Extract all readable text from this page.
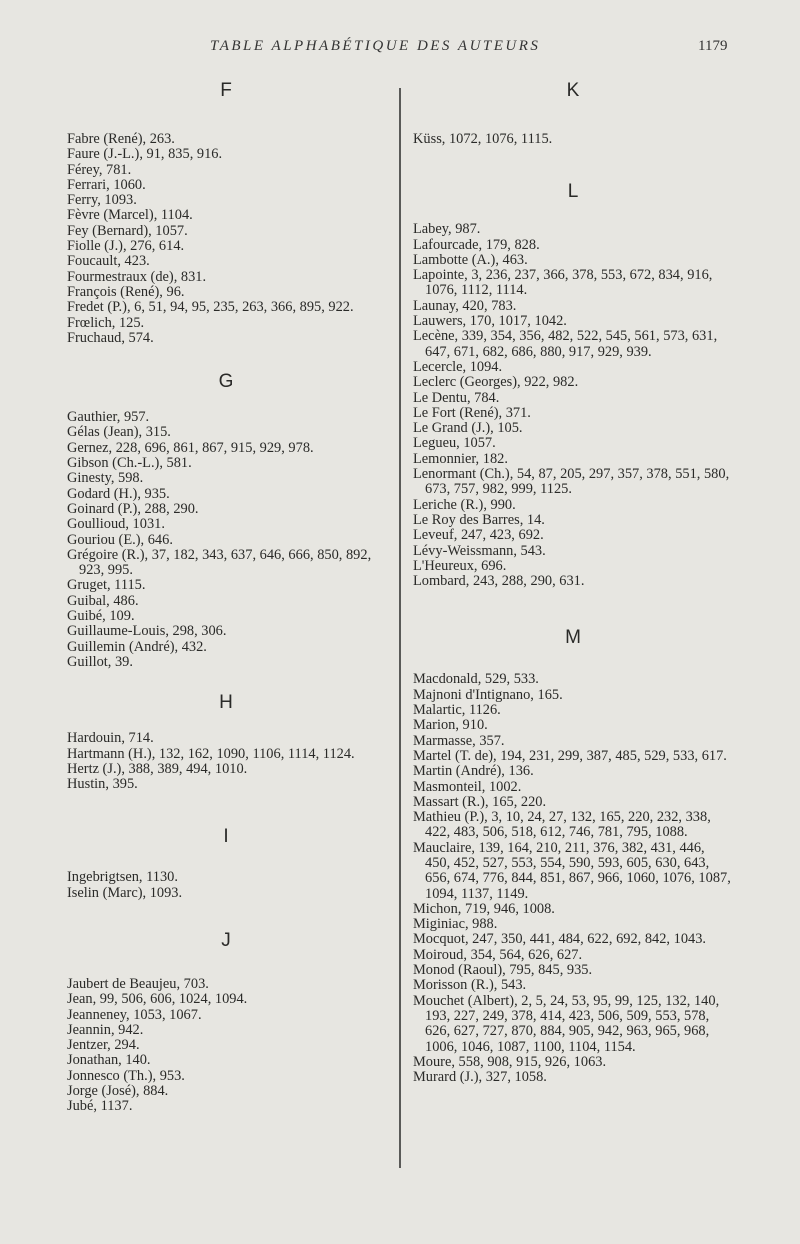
TABLE ALPHABÉTIQUE DES AUTEURS	1179
F
Fabre (René), 263.
Faure (J.-L.), 91, 835, 916.
Férey, 781.
Ferrari, 1060.
Ferry, 1093.
Fèvre (Marcel), 1104.
Fey (Bernard), 1057.
Fiolle (J.), 276, 614.
Foucault, 423.
Fourmestraux (de), 831.
François (René), 96.
Fredet (P.), 6, 51, 94, 95, 235, 263, 366, 895, 922.
Frœlich, 125.
Fruchaud, 574.
G
Gauthier, 957.
Gélas (Jean), 315.
Gernez, 228, 696, 861, 867, 915, 929, 978.
Gibson (Ch.-L.), 581.
Ginesty, 598.
Godard (H.), 935.
Goinard (P.), 288, 290.
Goullioud, 1031.
Gouriou (E.), 646.
Grégoire (R.), 37, 182, 343, 637, 646, 666, 850, 892, 923, 995.
Gruget, 1115.
Guibal, 486.
Guibé, 109.
Guillaume-Louis, 298, 306.
Guillemin (André), 432.
Guillot, 39.
H
Hardouin, 714.
Hartmann (H.), 132, 162, 1090, 1106, 1114, 1124.
Hertz (J.), 388, 389, 494, 1010.
Hustin, 395.
I
Ingebrigtsen, 1130.
Iselin (Marc), 1093.
J
Jaubert de Beaujeu, 703.
Jean, 99, 506, 606, 1024, 1094.
Jeanneney, 1053, 1067.
Jeannin, 942.
Jentzer, 294.
Jonathan, 140.
Jonnesco (Th.), 953.
Jorge (José), 884.
Jubé, 1137.
K
Küss, 1072, 1076, 1115.
L
Labey, 987.
Lafourcade, 179, 828.
Lambotte (A.), 463.
Lapointe, 3, 236, 237, 366, 378, 553, 672, 834, 916, 1076, 1112, 1114.
Launay, 420, 783.
Lauwers, 170, 1017, 1042.
Lecène, 339, 354, 356, 482, 522, 545, 561, 573, 631, 647, 671, 682, 686, 880, 917, 929, 939.
Lecercle, 1094.
Leclerc (Georges), 922, 982.
Le Dentu, 784.
Le Fort (René), 371.
Le Grand (J.), 105.
Legueu, 1057.
Lemonnier, 182.
Lenormant (Ch.), 54, 87, 205, 297, 357, 378, 551, 580, 673, 757, 982, 999, 1125.
Leriche (R.), 990.
Le Roy des Barres, 14.
Leveuf, 247, 423, 692.
Lévy-Weissmann, 543.
L'Heureux, 696.
Lombard, 243, 288, 290, 631.
M
Macdonald, 529, 533.
Majnoni d'Intignano, 165.
Malartic, 1126.
Marion, 910.
Marmasse, 357.
Martel (T. de), 194, 231, 299, 387, 485, 529, 533, 617.
Martin (André), 136.
Masmonteil, 1002.
Massart (R.), 165, 220.
Mathieu (P.), 3, 10, 24, 27, 132, 165, 220, 232, 338, 422, 483, 506, 518, 612, 746, 781, 795, 1088.
Mauclaire, 139, 164, 210, 211, 376, 382, 431, 446, 450, 452, 527, 553, 554, 590, 593, 605, 630, 643, 656, 674, 776, 844, 851, 867, 966, 1060, 1076, 1087, 1094, 1137, 1149.
Michon, 719, 946, 1008.
Miginiac, 988.
Mocquot, 247, 350, 441, 484, 622, 692, 842, 1043.
Moiroud, 354, 564, 626, 627.
Monod (Raoul), 795, 845, 935.
Morisson (R.), 543.
Mouchet (Albert), 2, 5, 24, 53, 95, 99, 125, 132, 140, 193, 227, 249, 378, 414, 423, 506, 509, 553, 578, 626, 627, 727, 870, 884, 905, 942, 963, 965, 968, 1006, 1046, 1087, 1100, 1104, 1154.
Moure, 558, 908, 915, 926, 1063.
Murard (J.), 327, 1058.
